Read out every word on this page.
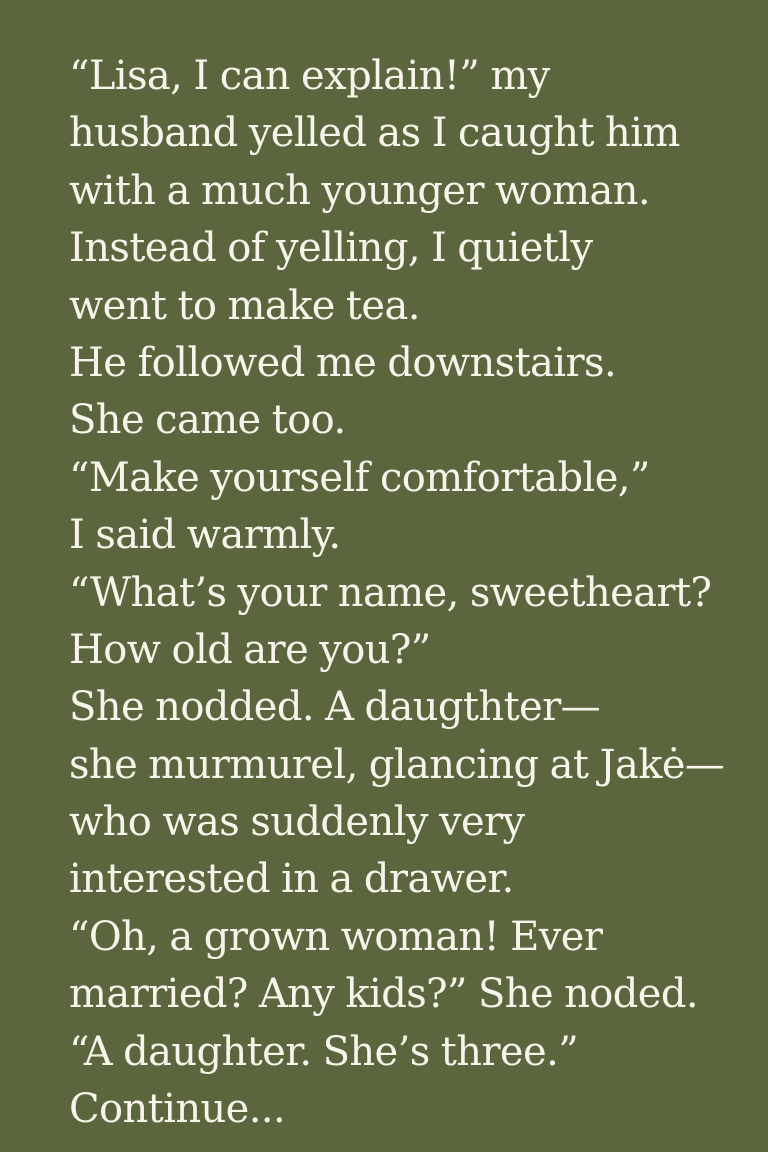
“Lisa, I can explain!” my
husband yelled as I caught him
with a much younger woman.
Instead of yelling, I quietly
went to make tea.
He followed me downstairs.
She came too.
“Make yourself comfortable,”
I said warmly.
“What’s your name, sweetheart?
How old are you?”
She nodded. A daugthter—
she murmurel, glancing at Jakė—
who was suddenly very
interested in a drawer.
“Oh, a grown woman! Ever
married? Any kids?” She noded.
“A daughter. She’s three.”
Continue...
